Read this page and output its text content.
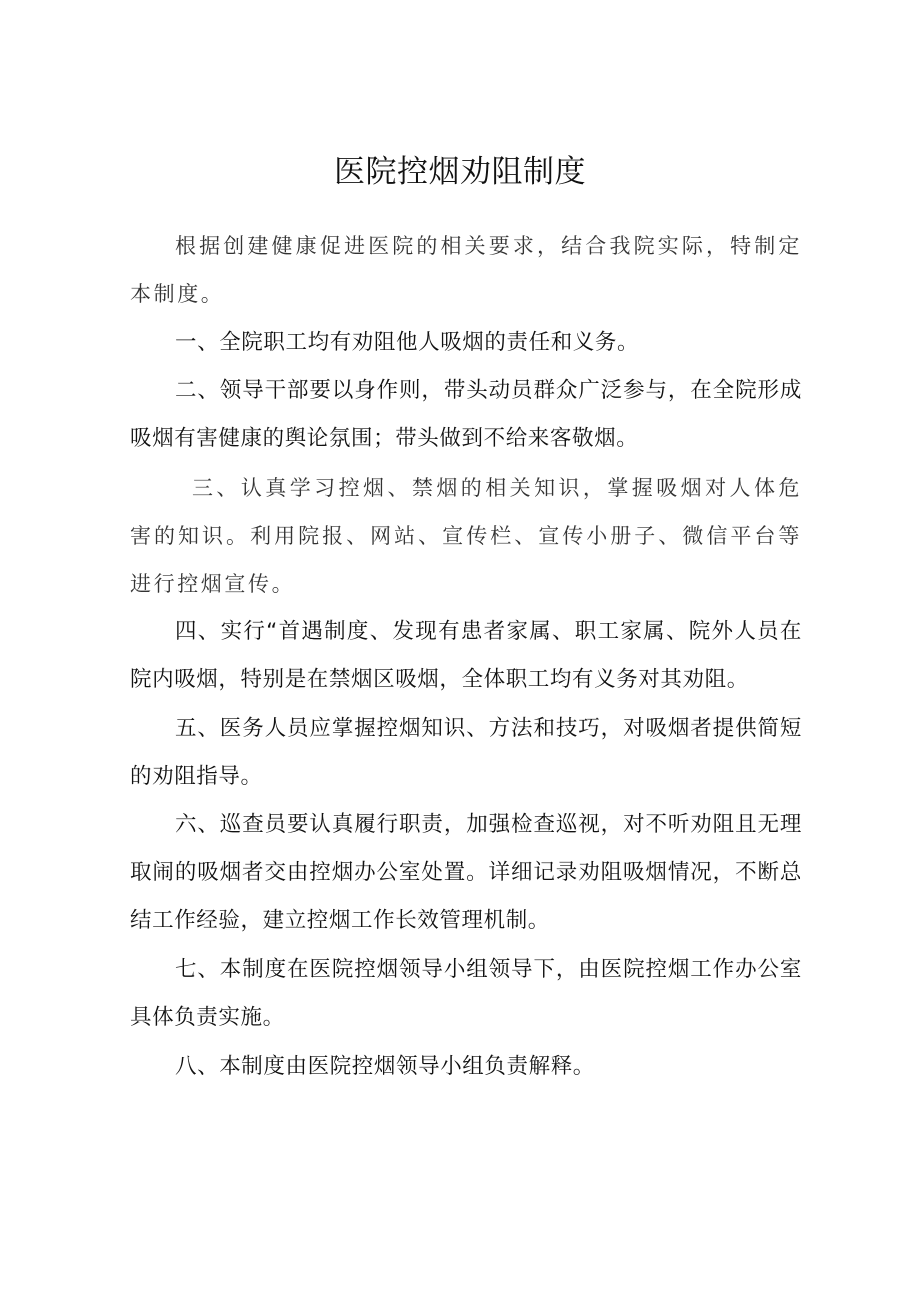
医院控烟劝阻制度

根据创建健康促进医院的相关要求，结合我院实际，特制定本制度。

一、全院职工均有劝阻他人吸烟的责任和义务。

二、领导干部要以身作则，带头动员群众广泛参与，在全院形成吸烟有害健康的舆论氛围；带头做到不给来客敬烟。

三、认真学习控烟、禁烟的相关知识，掌握吸烟对人体危害的知识。利用院报、网站、宣传栏、宣传小册子、微信平台等进行控烟宣传。

四、实行“首遇制度、发现有患者家属、职工家属、院外人员在院内吸烟，特别是在禁烟区吸烟，全体职工均有义务对其劝阻。

五、医务人员应掌握控烟知识、方法和技巧，对吸烟者提供简短的劝阻指导。

六、巡查员要认真履行职责，加强检查巡视，对不听劝阻且无理取闹的吸烟者交由控烟办公室处置。详细记录劝阻吸烟情况，不断总结工作经验，建立控烟工作长效管理机制。

七、本制度在医院控烟领导小组领导下，由医院控烟工作办公室具体负责实施。

八、本制度由医院控烟领导小组负责解释。
